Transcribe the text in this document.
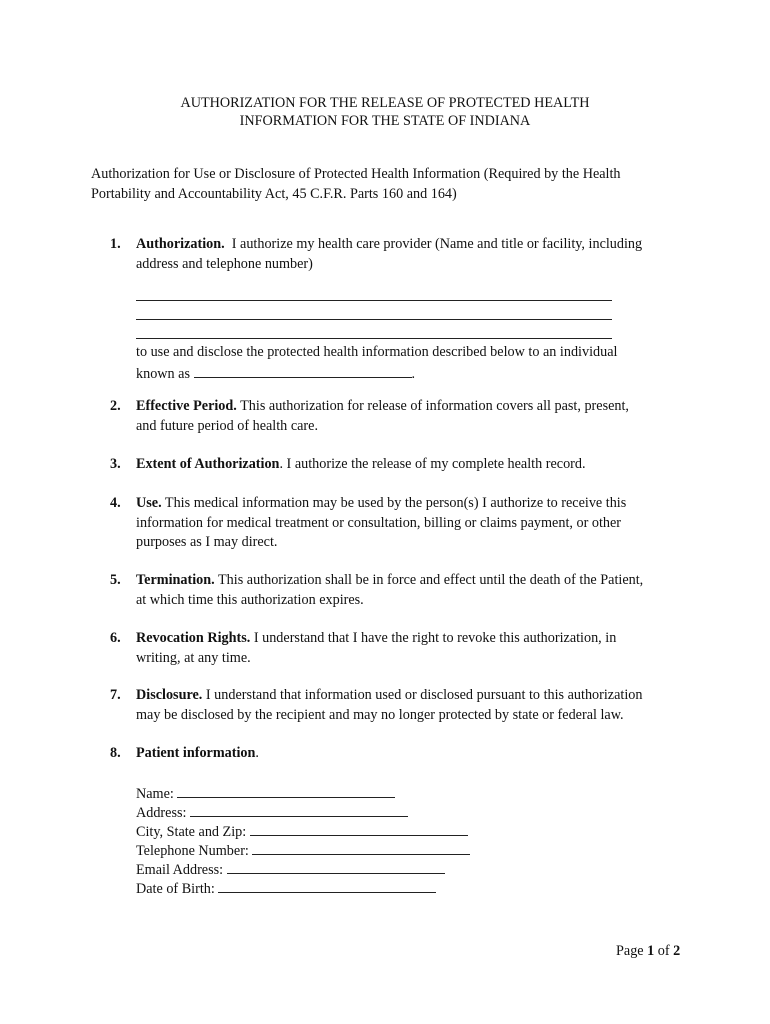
AUTHORIZATION FOR THE RELEASE OF PROTECTED HEALTH
INFORMATION FOR THE STATE OF INDIANA
Authorization for Use or Disclosure of Protected Health Information (Required by the Health
Portability and Accountability Act, 45 C.F.R. Parts 160 and 164)
1. Authorization. I authorize my health care provider (Name and title or facility, including
address and telephone number)
to use and disclose the protected health information described below to an individual
known as	.
2. Effective Period. This authorization for release of information covers all past, present,
and future period of health care.
3. Extent of Authorization. I authorize the release of my complete health record.
4. Use. This medical information may be used by the person(s) I authorize to receive this
information for medical treatment or consultation, billing or claims payment, or other
purposes as I may direct.
5. Termination. This authorization shall be in force and effect until the death of the Patient,
at which time this authorization expires.
6. Revocation Rights. I understand that I have the right to revoke this authorization, in
writing, at any time.
7. Disclosure. I understand that information used or disclosed pursuant to this authorization
may be disclosed by the recipient and may no longer protected by state or federal law.
8. Patient information.
Name:
Address:
City, State and Zip:
Telephone Number:
Email Address:
Date of Birth:
Page 1 of 2
